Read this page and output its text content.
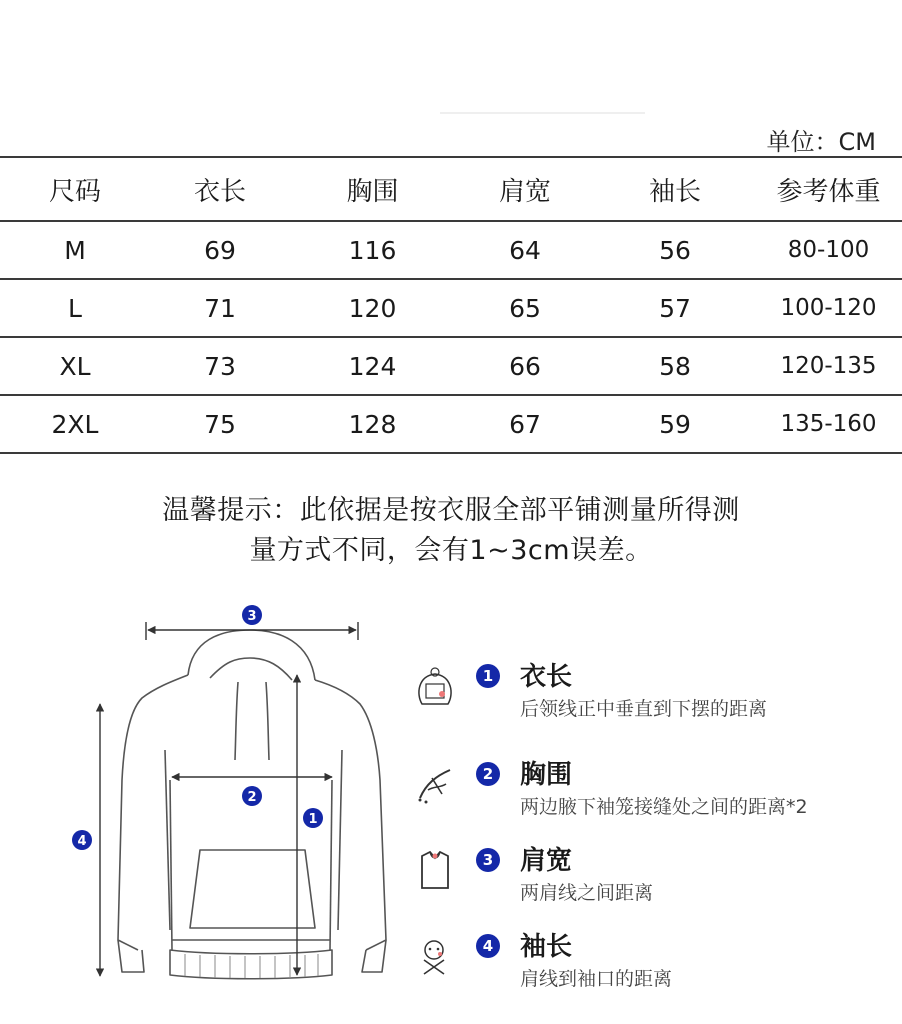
单位：CM
尺码	衣长	胸围	肩宽	袖长	参考体重
M	69	116	64	56	80-100
L	71	120	65	57	100-120
XL	73	124	66	58	120-135
2XL	75	128	67	59	135-160
温馨提示：此依据是按衣服全部平铺测量所得测
量方式不同，会有1~3cm误差。
3
2
1
4
1 衣长
后领线正中垂直到下摆的距离
2 胸围
两边腋下袖笼接缝处之间的距离*2
3 肩宽
两肩线之间距离
4 袖长
肩线到袖口的距离
